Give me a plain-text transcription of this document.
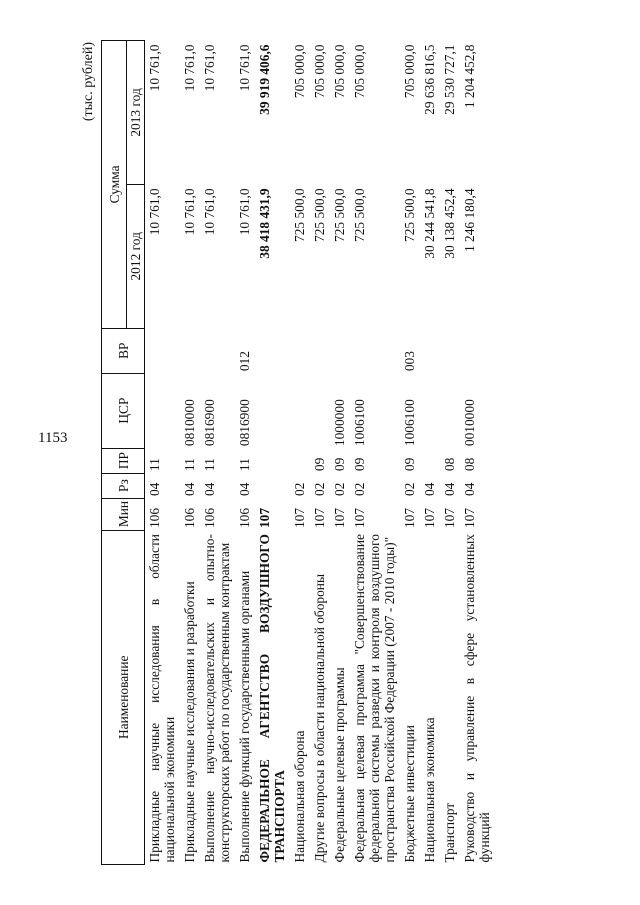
1153
(тыс. рублей)
Наименование	Мин	Рз	ПР	ЦСР	ВР	Сумма	
						2012 год	2013 год
Прикладные научные исследования в области национальной экономики	106	04	11			10 761,0	10 761,0
Прикладные научные исследования и разработки	106	04	11	0810000		10 761,0	10 761,0
Выполнение научно-исследовательских и опытно-конструкторских работ по государственным контрактам	106	04	11	0816900		10 761,0	10 761,0
Выполнение функций государственными органами	106	04	11	0816900	012	10 761,0	10 761,0
ФЕДЕРАЛЬНОЕ АГЕНТСТВО ВОЗДУШНОГО ТРАНСПОРТА	107					38 418 431,9	39 919 406,6
Национальная оборона	107	02				725 500,0	705 000,0
Другие вопросы в области национальной обороны	107	02	09			725 500,0	705 000,0
Федеральные целевые программы	107	02	09	1000000		725 500,0	705 000,0
Федеральная целевая программа "Совершенствование федеральной системы разведки и контроля воздушного пространства Российской Федерации (2007 - 2010 годы)"	107	02	09	1006100		725 500,0	705 000,0
Бюджетные инвестиции	107	02	09	1006100	003	725 500,0	705 000,0
Национальная экономика	107	04				30 244 541,8	29 636 816,5
Транспорт	107	04	08			30 138 452,4	29 530 727,1
Руководство и управление в сфере установленных функций	107	04	08	0010000		1 246 180,4	1 204 452,8
